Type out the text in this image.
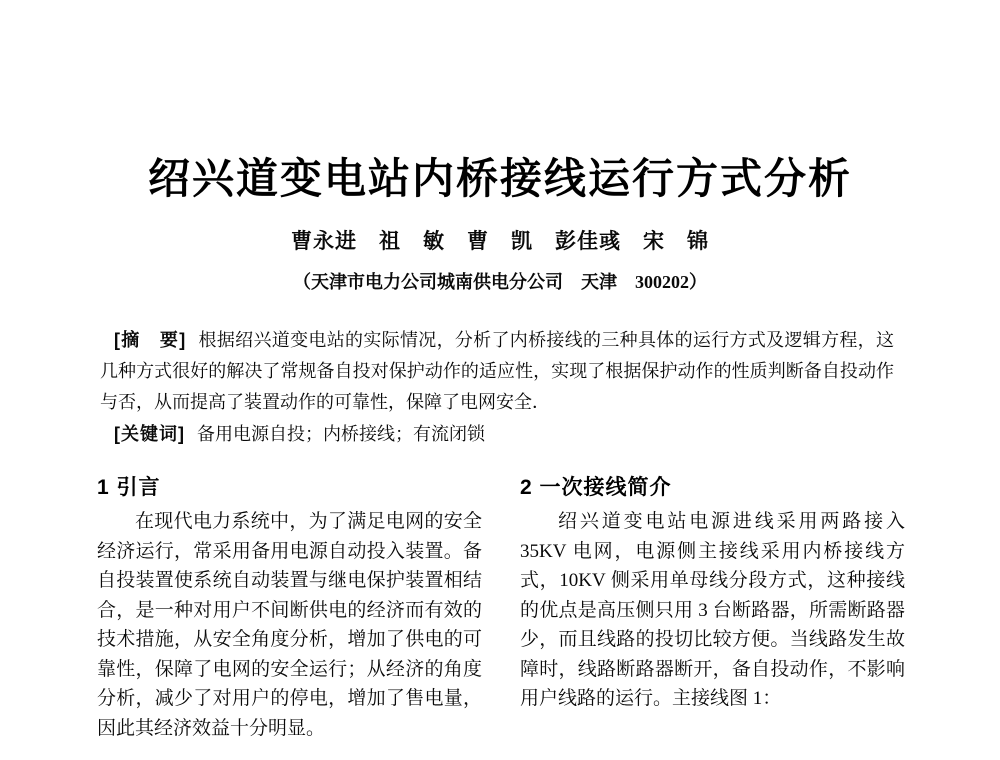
绍兴道变电站内桥接线运行方式分析
曹永进　祖　敏　曹　凯　彭佳彧　宋　锦
（天津市电力公司城南供电分公司　天津　300202）

[摘　要] 根据绍兴道变电站的实际情况，分析了内桥接线的三种具体的运行方式及逻辑方程，这几种方式很好的解决了常规备自投对保护动作的适应性，实现了根据保护动作的性质判断备自投动作与否，从而提高了装置动作的可靠性，保障了电网安全．

[关键词] 备用电源自投；内桥接线；有流闭锁

1 引言

在现代电力系统中，为了满足电网的安全经济运行，常采用备用电源自动投入装置。备自投装置使系统自动装置与继电保护装置相结合，是一种对用户不间断供电的经济而有效的技术措施，从安全角度分析，增加了供电的可靠性，保障了电网的安全运行；从经济的角度分析，减少了对用户的停电，增加了售电量，因此其经济效益十分明显。

2 一次接线简介

绍兴道变电站电源进线采用两路接入 35KV 电网，电源侧主接线采用内桥接线方式，10KV 侧采用单母线分段方式，这种接线的优点是高压侧只用 3 台断路器，所需断路器少，而且线路的投切比较方便。当线路发生故障时，线路断路器断开，备自投动作，不影响用户线路的运行。主接线图 1：
